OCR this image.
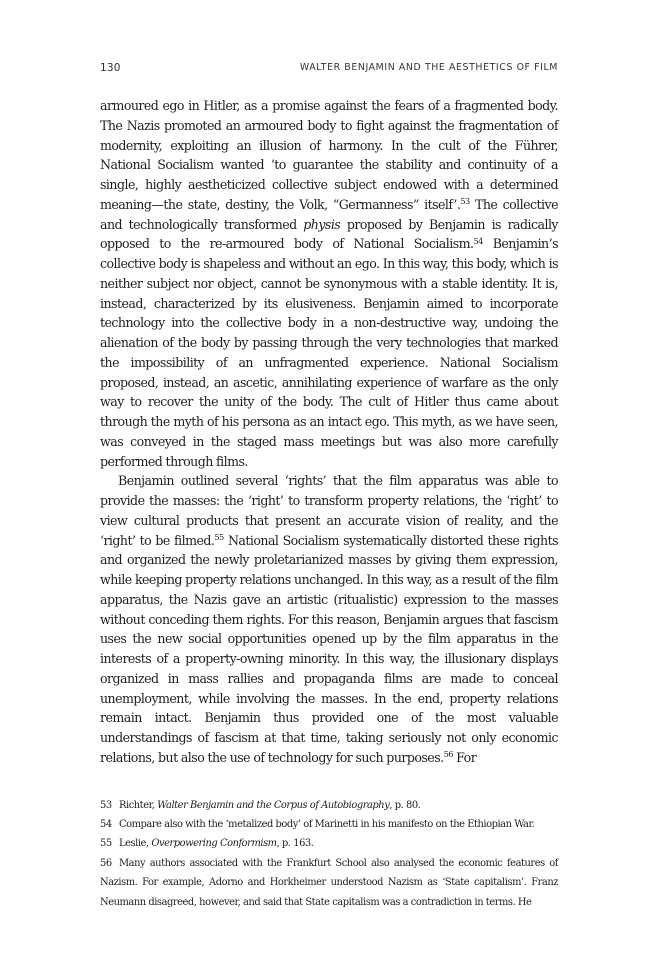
130	WALTER BENJAMIN AND THE AESTHETICS OF FILM

armoured ego in Hitler, as a promise against the fears of a fragmented body. The Nazis promoted an armoured body to fight against the fragmentation of modernity, exploiting an illusion of harmony. In the cult of the Führer, National Socialism wanted ‘to guarantee the stability and continuity of a single, highly aestheticized collective subject endowed with a determined meaning—the state, destiny, the Volk, “Germanness” itself’.$^{53}$ The collective and technologically transformed physis proposed by Benjamin is radically opposed to the re-armoured body of National Socialism.$^{54}$ Benjamin’s collective body is shapeless and without an ego. In this way, this body, which is neither subject nor object, cannot be synonymous with a stable identity. It is, instead, characterized by its elusiveness. Benjamin aimed to incorporate technology into the collective body in a non-destructive way, undoing the alienation of the body by passing through the very technologies that marked the impossibility of an unfragmented experience. National Socialism proposed, instead, an ascetic, annihilating experience of warfare as the only way to recover the unity of the body. The cult of Hitler thus came about through the myth of his persona as an intact ego. This myth, as we have seen, was conveyed in the staged mass meetings but was also more carefully performed through films.

Benjamin outlined several ‘rights’ that the film apparatus was able to provide the masses: the ‘right’ to transform property relations, the ‘right’ to view cultural products that present an accurate vision of reality, and the ‘right’ to be filmed.$^{55}$ National Socialism systematically distorted these rights and organized the newly proletarianized masses by giving them expression, while keeping property relations unchanged. In this way, as a result of the film apparatus, the Nazis gave an artistic (ritualistic) expression to the masses without conceding them rights. For this reason, Benjamin argues that fascism uses the new social opportunities opened up by the film apparatus in the interests of a property-owning minority. In this way, the illusionary displays organized in mass rallies and propaganda films are made to conceal unemployment, while involving the masses. In the end, property relations remain intact. Benjamin thus provided one of the most valuable understandings of fascism at that time, taking seriously not only economic relations, but also the use of technology for such purposes.$^{56}$ For

53 Richter, Walter Benjamin and the Corpus of Autobiography, p. 80.

54 Compare also with the ‘metalized body’ of Marinetti in his manifesto on the Ethiopian War.

55 Leslie, Overpowering Conformism, p. 163.

56 Many authors associated with the Frankfurt School also analysed the economic features of Nazism. For example, Adorno and Horkheimer understood Nazism as ‘State capitalism’. Franz Neumann disagreed, however, and said that State capitalism was a contradiction in terms. He
